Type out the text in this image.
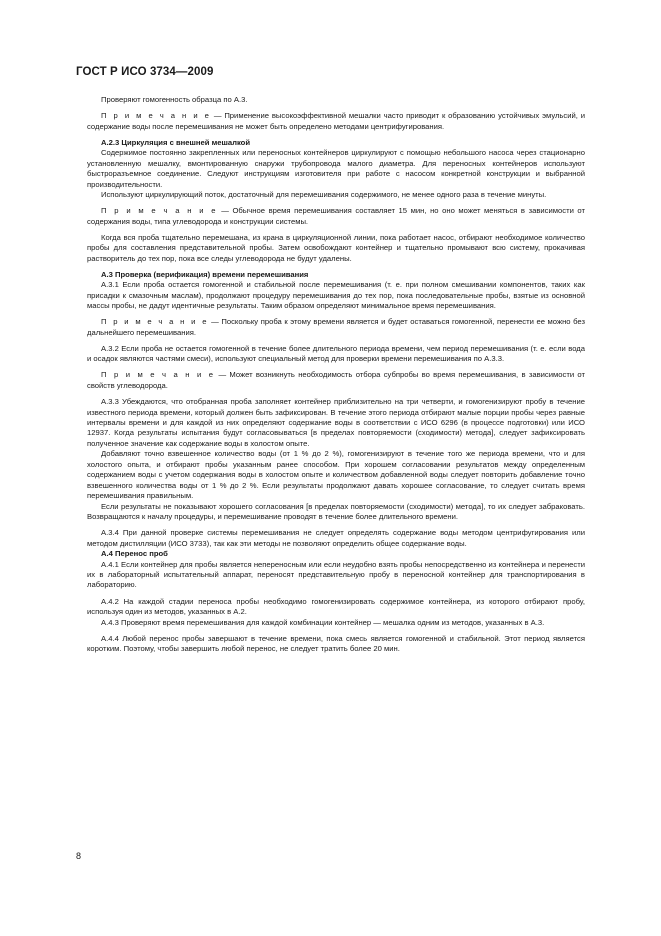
ГОСТ Р ИСО 3734—2009

Проверяют гомогенность образца по А.3.

П р и м е ч а н и е — Применение высокоэффективной мешалки часто приводит к образованию устойчивых эмульсий, и содержание воды после перемешивания не может быть определено методами центрифугирования.

А.2.3 Циркуляция с внешней мешалкой

Содержимое постоянно закрепленных или переносных контейнеров циркулируют с помощью небольшого насоса через стационарно установленную мешалку, вмонтированную снаружи трубопровода малого диаметра. Для переносных контейнеров используют быстроразъемное соединение. Следуют инструкциям изготовителя при работе с насосом конкретной конструкции и выбранной производительности.

Используют циркулирующий поток, достаточный для перемешивания содержимого, не менее одного раза в течение минуты.

П р и м е ч а н и е — Обычное время перемешивания составляет 15 мин, но оно может меняться в зависимости от содержания воды, типа углеводорода и конструкции системы.

Когда вся проба тщательно перемешана, из крана в циркуляционной линии, пока работает насос, отбирают необходимое количество пробы для составления представительной пробы. Затем освобождают контейнер и тщательно промывают всю систему, прокачивая растворитель до тех пор, пока все следы углеводорода не будут удалены.

А.3 Проверка (верификация) времени перемешивания

А.3.1 Если проба остается гомогенной и стабильной после перемешивания (т. е. при полном смешивании компонентов, таких как присадки к смазочным маслам), продолжают процедуру перемешивания до тех пор, пока последовательные пробы, взятые из основной массы пробы, не дадут идентичные результаты. Таким образом определяют минимальное время перемешивания.

П р и м е ч а н и е — Поскольку проба к этому времени является и будет оставаться гомогенной, перенести ее можно без дальнейшего перемешивания.

А.3.2 Если проба не остается гомогенной в течение более длительного периода времени, чем период перемешивания (т. е. если вода и осадок являются частями смеси), используют специальный метод для проверки времени перемешивания по А.3.3.

П р и м е ч а н и е — Может возникнуть необходимость отбора субпробы во время перемешивания, в зависимости от свойств углеводорода.

А.3.3 Убеждаются, что отобранная проба заполняет контейнер приблизительно на три четверти, и гомогенизируют пробу в течение известного периода времени, который должен быть зафиксирован. В течение этого периода отбирают малые порции пробы через равные интервалы времени и для каждой из них определяют содержание воды в соответствии с ИСО 6296 (в процессе подготовки) или ИСО 12937. Когда результаты испытания будут согласовываться [в пределах повторяемости (сходимости) метода], следует зафиксировать полученное значение как содержание воды в холостом опыте.

Добавляют точно взвешенное количество воды (от 1 % до 2 %), гомогенизируют в течение того же периода времени, что и для холостого опыта, и отбирают пробы указанным ранее способом. При хорошем согласовании результатов между определенным содержанием воды с учетом содержания воды в холостом опыте и количеством добавленной воды следует повторить добавление точно взвешенного количества воды от 1 % до 2 %. Если результаты продолжают давать хорошее согласование, то следует считать время перемешивания правильным.

Если результаты не показывают хорошего согласования [в пределах повторяемости (сходимости) метода], то их следует забраковать. Возвращаются к началу процедуры, и перемешивание проводят в течение более длительного времени.

А.3.4 При данной проверке системы перемешивания не следует определять содержание воды методом центрифугирования или методом дистилляции (ИСО 3733), так как эти методы не позволяют определить общее содержание воды.

А.4 Перенос проб

А.4.1 Если контейнер для пробы является непереносным или если неудобно взять пробы непосредственно из контейнера и перенести их в лабораторный испытательный аппарат, переносят представительную пробу в переносной контейнер для транспортирования в лабораторию.

А.4.2 На каждой стадии переноса пробы необходимо гомогенизировать содержимое контейнера, из которого отбирают пробу, используя один из методов, указанных в А.2.

А.4.3 Проверяют время перемешивания для каждой комбинации контейнер — мешалка одним из методов, указанных в А.3.

А.4.4 Любой перенос пробы завершают в течение времени, пока смесь является гомогенной и стабильной. Этот период является коротким. Поэтому, чтобы завершить любой перенос, не следует тратить более 20 мин.

8
